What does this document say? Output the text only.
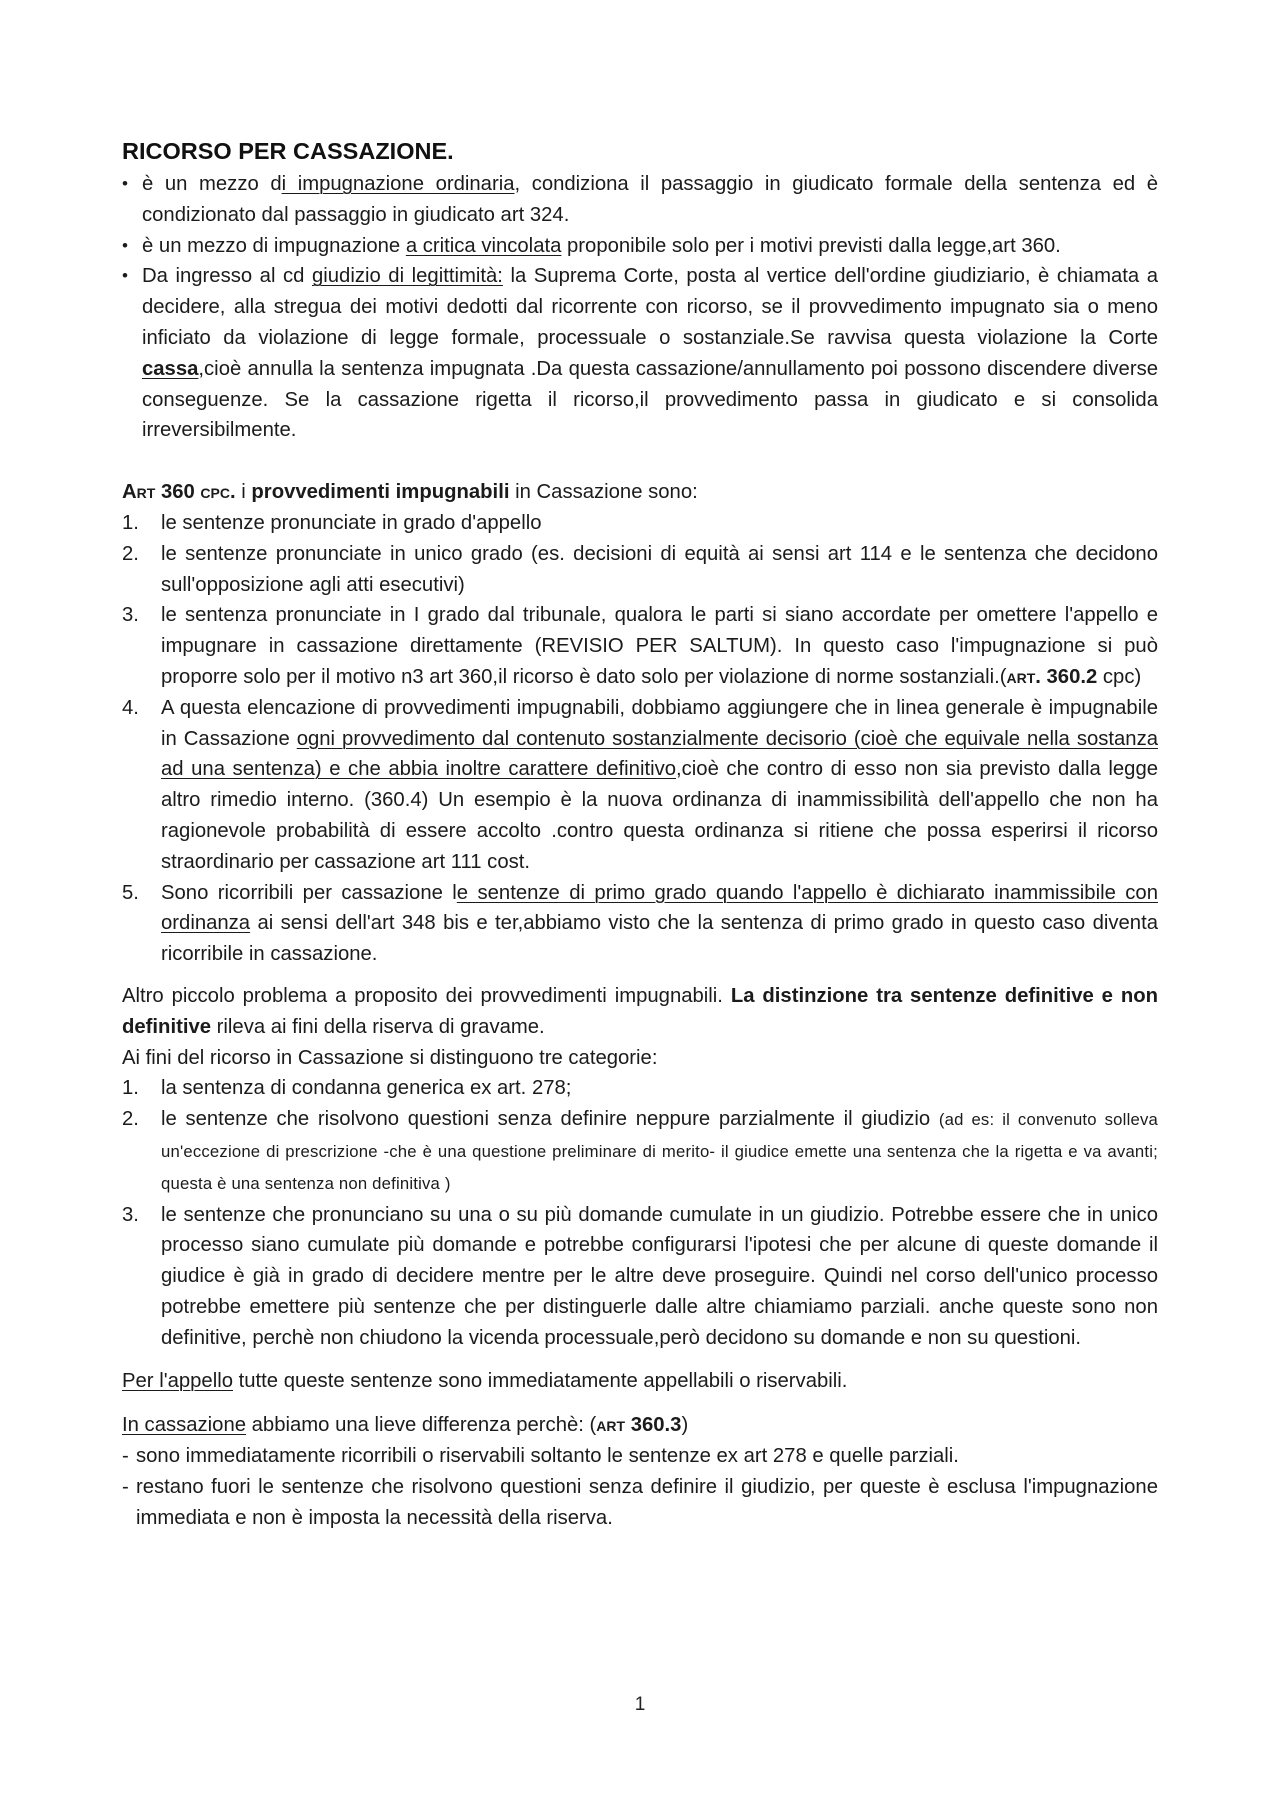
RICORSO PER CASSAZIONE.
• è un mezzo di impugnazione ordinaria, condiziona il passaggio in giudicato formale della sentenza ed è condizionato dal passaggio in giudicato art 324.
• è un mezzo di impugnazione a critica vincolata proponibile solo per i motivi previsti dalla legge,art 360.
• Da ingresso al cd giudizio di legittimità: la Suprema Corte, posta al vertice dell'ordine giudiziario, è chiamata a decidere, alla stregua dei motivi dedotti dal ricorrente con ricorso, se il provvedimento impugnato sia o meno inficiato da violazione di legge formale, processuale o sostanziale.Se ravvisa questa violazione la Corte cassa,cioè annulla la sentenza impugnata .Da questa cassazione/annullamento poi possono discendere diverse conseguenze. Se la cassazione rigetta il ricorso,il provvedimento passa in giudicato e si consolida irreversibilmente.

Art 360 cpc. i provvedimenti impugnabili in Cassazione sono:

1. le sentenze pronunciate in grado d'appello
2. le sentenze pronunciate in unico grado (es. decisioni di equità ai sensi art 114 e le sentenza che decidono sull'opposizione agli atti esecutivi)
3. le sentenza pronunciate in I grado dal tribunale, qualora le parti si siano accordate per omettere l'appello e impugnare in cassazione direttamente (REVISIO PER SALTUM). In questo caso l'impugnazione si può proporre solo per il motivo n3 art 360,il ricorso è dato solo per violazione di norme sostanziali.(art. 360.2 cpc)
4. A questa elencazione di provvedimenti impugnabili, dobbiamo aggiungere che in linea generale è impugnabile in Cassazione ogni provvedimento dal contenuto sostanzialmente decisorio (cioè che equivale nella sostanza ad una sentenza) e che abbia inoltre carattere definitivo,cioè che contro di esso non sia previsto dalla legge altro rimedio interno. (360.4) Un esempio è la nuova ordinanza di inammissibilità dell'appello che non ha ragionevole probabilità di essere accolto .contro questa ordinanza si ritiene che possa esperirsi il ricorso straordinario per cassazione art 111 cost.
5. Sono ricorribili per cassazione le sentenze di primo grado quando l'appello è dichiarato inammissibile con ordinanza ai sensi dell'art 348 bis e ter,abbiamo visto che la sentenza di primo grado in questo caso diventa ricorribile in cassazione.

Altro piccolo problema a proposito dei provvedimenti impugnabili. La distinzione tra sentenze definitive e non definitive rileva ai fini della riserva di gravame.

Ai fini del ricorso in Cassazione si distinguono tre categorie:

1. la sentenza di condanna generica ex art. 278;
2. le sentenze che risolvono questioni senza definire neppure parzialmente il giudizio (ad es: il convenuto solleva un'eccezione di prescrizione -che è una questione preliminare di merito- il giudice emette una sentenza che la rigetta e va avanti; questa è una sentenza non definitiva )
3. le sentenze che pronunciano su una o su più domande cumulate in un giudizio. Potrebbe essere che in unico processo siano cumulate più domande e potrebbe configurarsi l'ipotesi che per alcune di queste domande il giudice è già in grado di decidere mentre per le altre deve proseguire. Quindi nel corso dell'unico processo potrebbe emettere più sentenze che per distinguerle dalle altre chiamiamo parziali. anche queste sono non definitive, perchè non chiudono la vicenda processuale,però decidono su domande e non su questioni.

Per l'appello tutte queste sentenze sono immediatamente appellabili o riservabili.

In cassazione abbiamo una lieve differenza perchè: (art 360.3)

- sono immediatamente ricorribili o riservabili soltanto le sentenze ex art 278 e quelle parziali.
- restano fuori le sentenze che risolvono questioni senza definire il giudizio, per queste è esclusa l'impugnazione immediata e non è imposta la necessità della riserva.
1
